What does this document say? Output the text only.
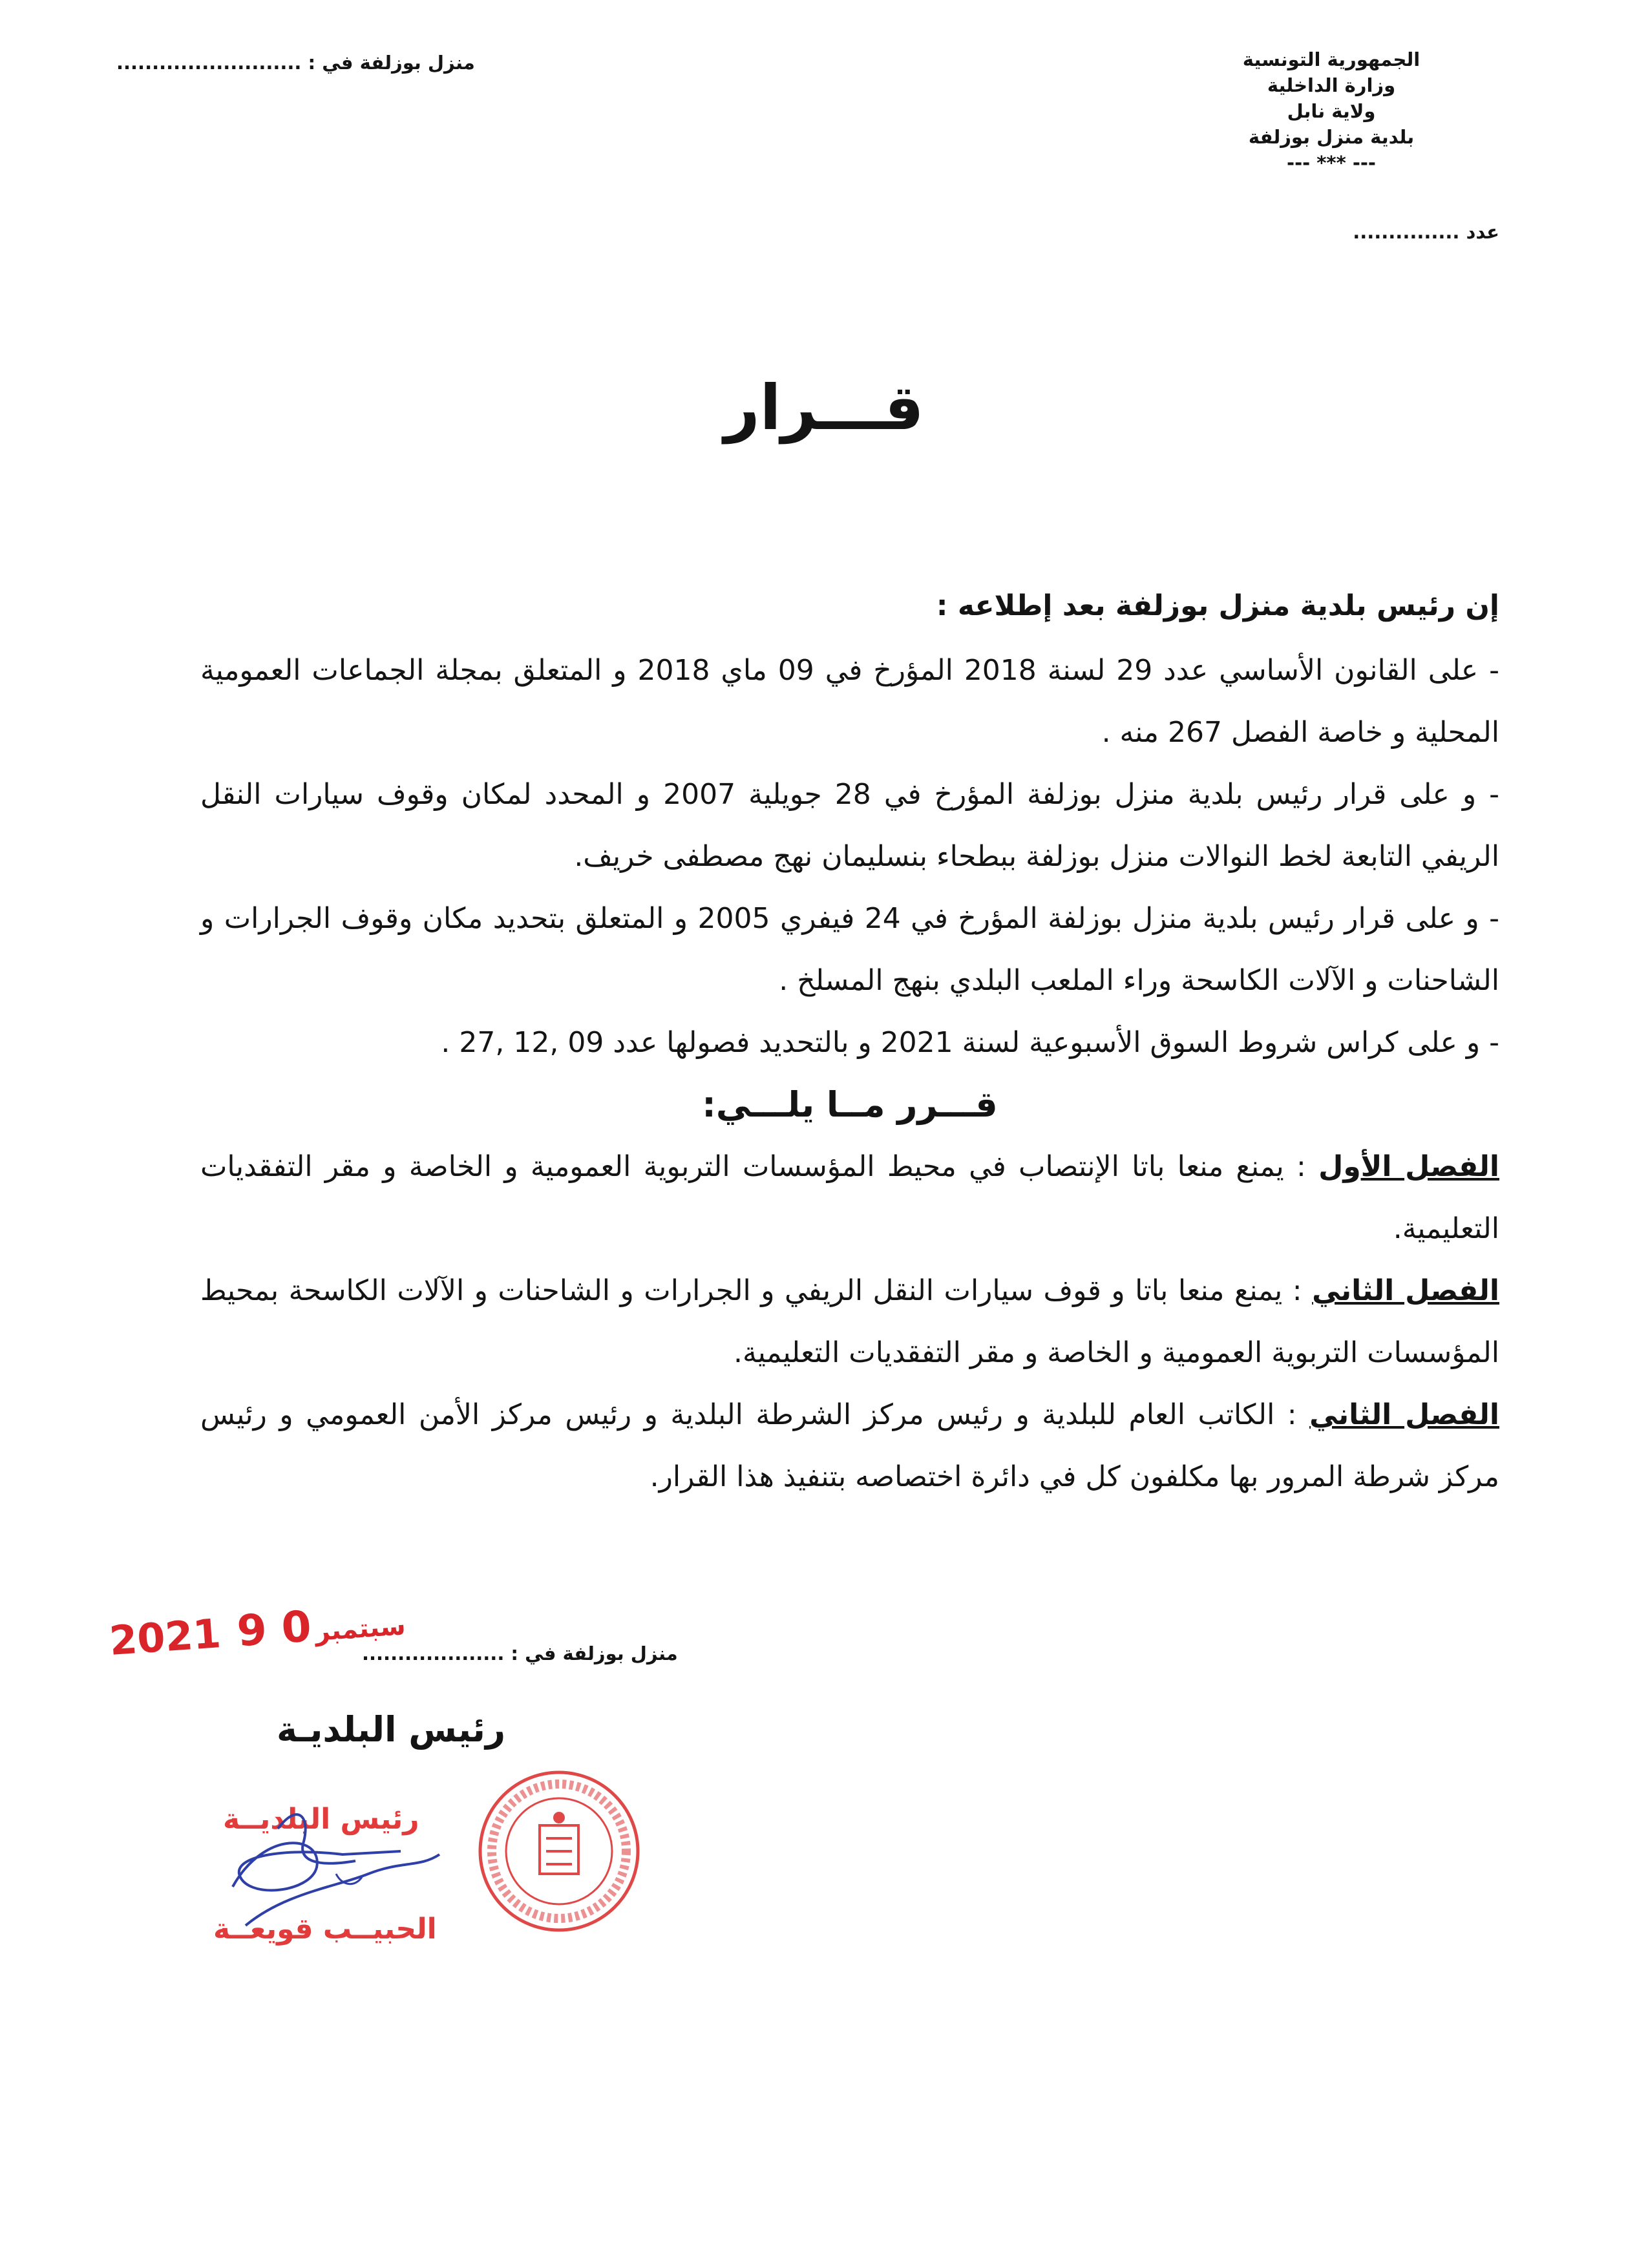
الجمهورية التونسية
وزارة الداخلية
ولاية نابل
بلدية منزل بوزلفة
--- *** ---
عدد ...............
منزل بوزلفة في : ..........................
قـــرار
إن رئيس بلدية منزل بوزلفة بعد إطلاعه :

- على القانون الأساسي عدد 29 لسنة 2018 المؤرخ في 09 ماي 2018 و المتعلق بمجلة الجماعات العمومية المحلية و خاصة الفصل 267 منه .

- و على قرار رئيس بلدية منزل بوزلفة المؤرخ في 28 جويلية 2007 و المحدد لمكان وقوف سيارات النقل الريفي التابعة لخط النوالات منزل بوزلفة ببطحاء بنسليمان نهج مصطفى خريف.

- و على قرار رئيس بلدية منزل بوزلفة المؤرخ في 24 فيفري 2005 و المتعلق بتحديد مكان وقوف الجرارات و الشاحنات و الآلات الكاسحة وراء الملعب البلدي بنهج المسلخ .

- و على كراس شروط السوق الأسبوعية لسنة 2021 و بالتحديد فصولها عدد 09 ,12 ,27 .

قـــرر مــا يلـــي:

الفصل الأول : يمنع منعا باتا الإنتصاب في محيط المؤسسات التربوية العمومية و الخاصة و مقر التفقديات التعليمية.

الفصل الثاني : يمنع منعا باتا و قوف سيارات النقل الريفي و الجرارات و الشاحنات و الآلات الكاسحة بمحيط المؤسسات التربوية العمومية و الخاصة و مقر التفقديات التعليمية.

الفصل الثاني : الكاتب العام للبلدية و رئيس مركز الشرطة البلدية و رئيس مركز الأمن العمومي و رئيس مركز شرطة المرور بها مكلفون كل في دائرة اختصاصه بتنفيذ هذا القرار.

منزل بوزلفة في : ....................
2021	سبتمبر 0 9
رئيس البلديـة
رئيس البلديــة
الحبيــب قويعــة
